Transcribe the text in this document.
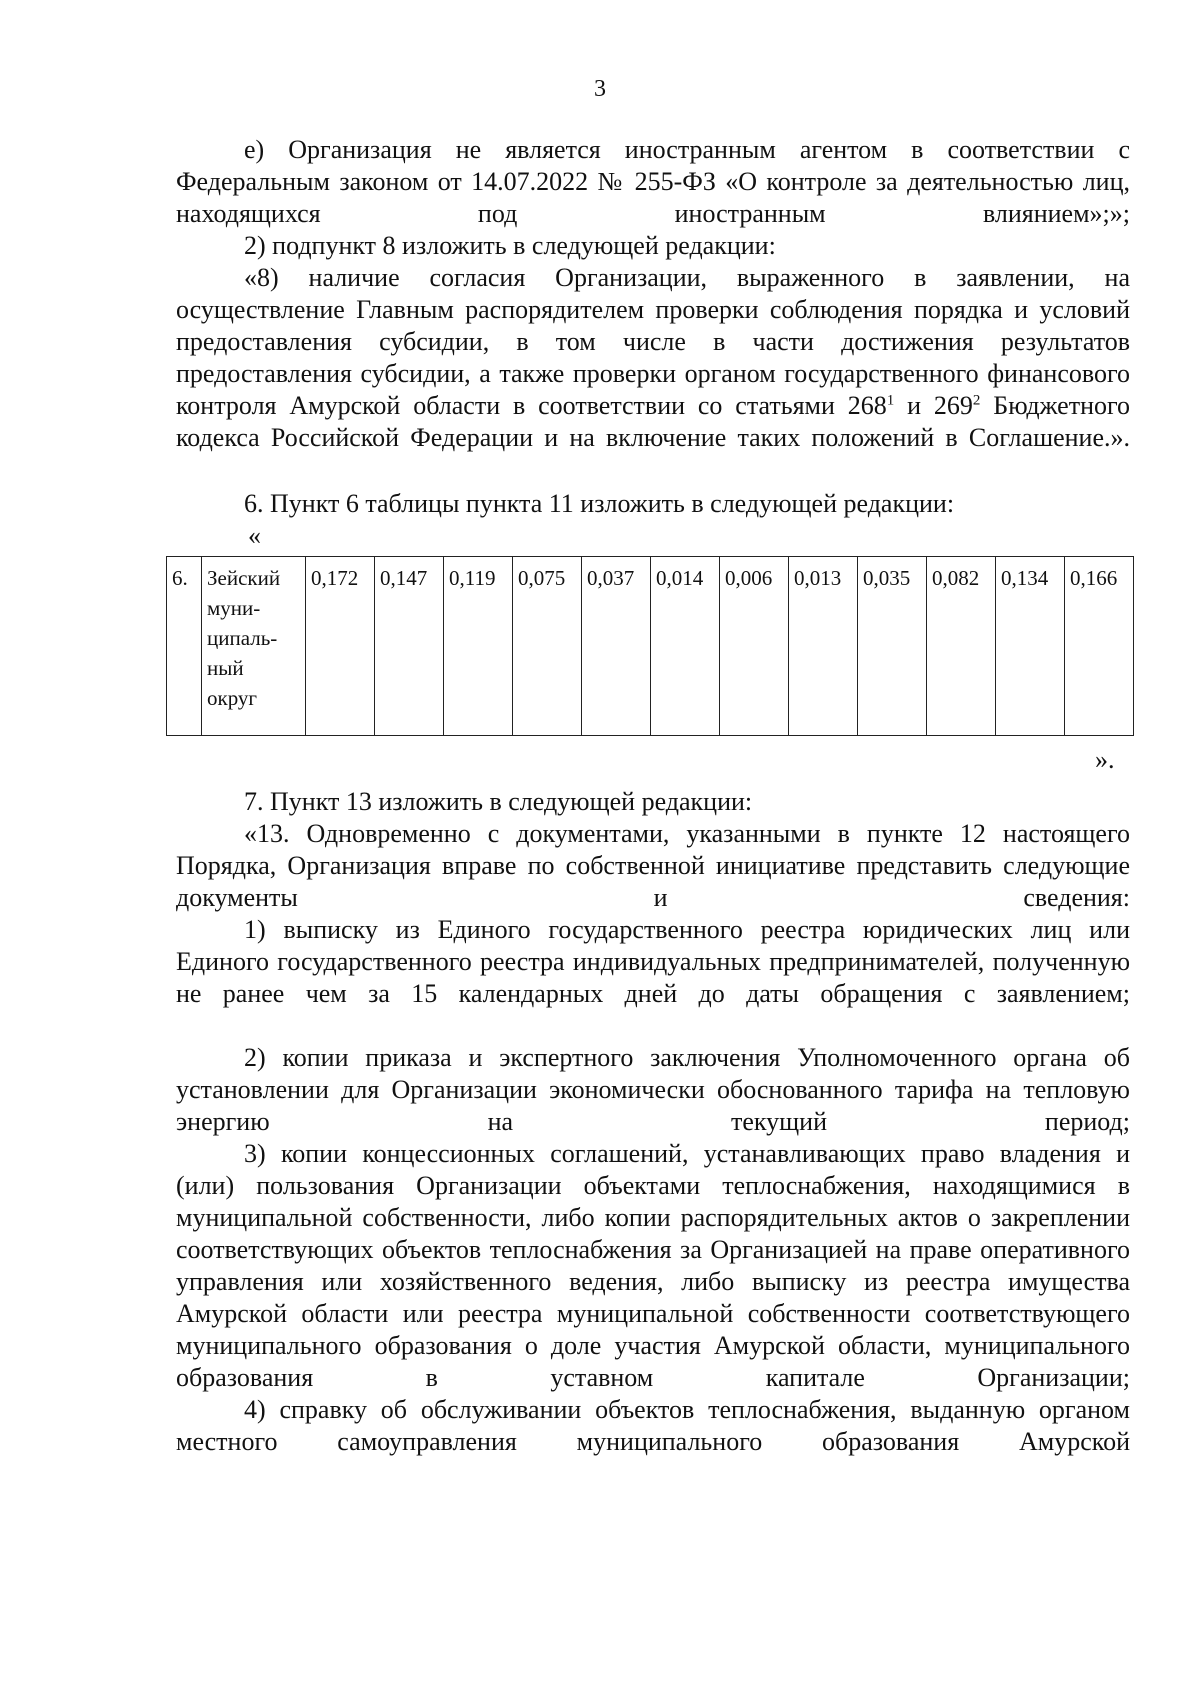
3
е) Организация не является иностранным агентом в соответствии с Федеральным законом от 14.07.2022 № 255-ФЗ «О контроле за деятельностью лиц, находящихся под иностранным влиянием»;»;
2) подпункт 8 изложить в следующей редакции:
«8) наличие согласия Организации, выраженного в заявлении, на осуществление Главным распорядителем проверки соблюдения порядка и условий предоставления субсидии, в том числе в части достижения результатов предоставления субсидии, а также проверки органом государственного финансового контроля Амурской области в соответствии со статьями $268^1$ и $269^2$ Бюджетного кодекса Российской Федерации и на включение таких положений в Соглашение.».
6. Пункт 6 таблицы пункта 11 изложить в следующей редакции:
«
6.	Зейский
муни-
ципаль-
ный
округ	0,172	0,147	0,119	0,075	0,037	0,014	0,006	0,013	0,035	0,082	0,134	0,166
».
7. Пункт 13 изложить в следующей редакции:
«13. Одновременно с документами, указанными в пункте 12 настоящего Порядка, Организация вправе по собственной инициативе представить следующие документы и сведения:
1) выписку из Единого государственного реестра юридических лиц или Единого государственного реестра индивидуальных предпринимателей, полученную не ранее чем за 15 календарных дней до даты обращения с заявлением;
2) копии приказа и экспертного заключения Уполномоченного органа об установлении для Организации экономически обоснованного тарифа на тепловую энергию на текущий период;
3) копии концессионных соглашений, устанавливающих право владения и (или) пользования Организации объектами теплоснабжения, находящимися в муниципальной собственности, либо копии распорядительных актов о закреплении соответствующих объектов теплоснабжения за Организацией на праве оперативного управления или хозяйственного ведения, либо выписку из реестра имущества Амурской области или реестра муниципальной собственности соответствующего муниципального образования о доле участия Амурской области, муниципального образования в уставном капитале Организации;
4) справку об обслуживании объектов теплоснабжения, выданную органом местного самоуправления муниципального образования Амурской
